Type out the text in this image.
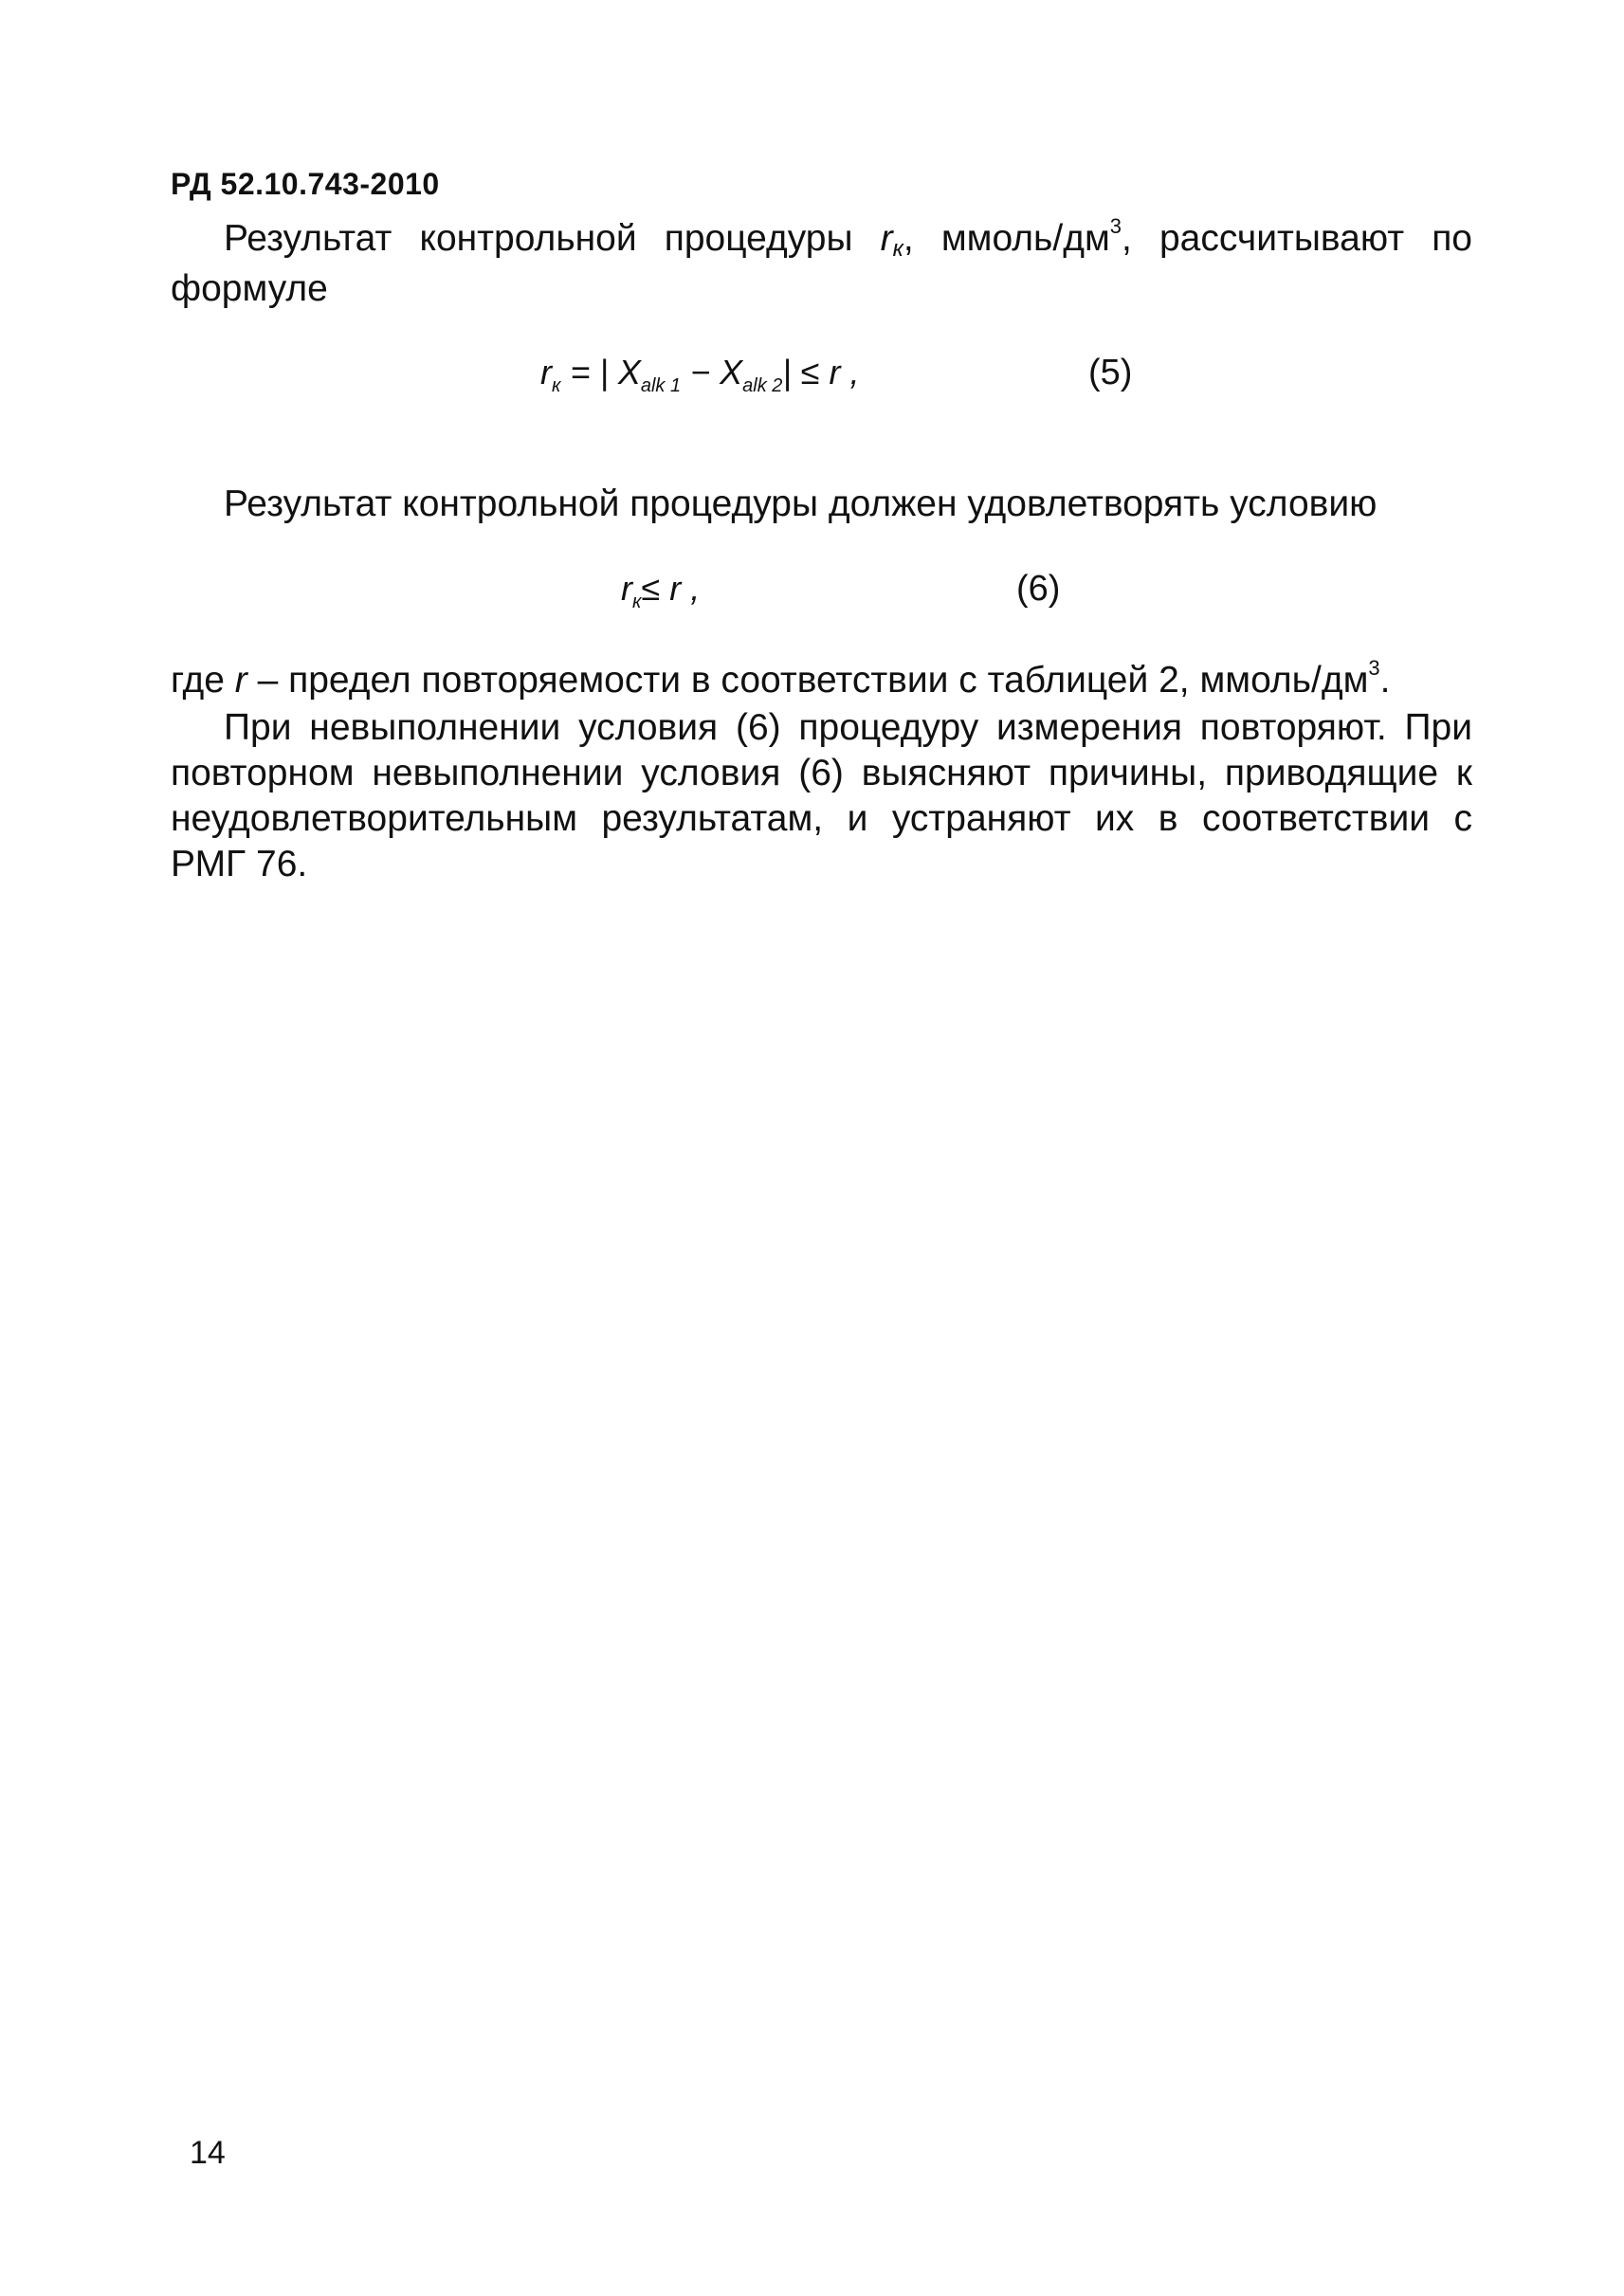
РД 52.10.743-2010
Результат контрольной процедуры rк, ммоль/$дм^3$, рассчитывают по
формуле
$r_к$ = | $X_{alk 1} - X_{alk 2}| \le r$ ,	(5)
Результат контрольной процедуры должен удовлетворять условию
$r_к\le r$ ,	(6)
где r – предел повторяемости в соответствии с таблицей 2, ммоль/$дм^3$.
При невыполнении условия (6) процедуру измерения повторяют. При
повторном невыполнении условия (6) выясняют причины, приводящие к
неудовлетворительным результатам, и устраняют их в соответствии с
РМГ 76.
14
